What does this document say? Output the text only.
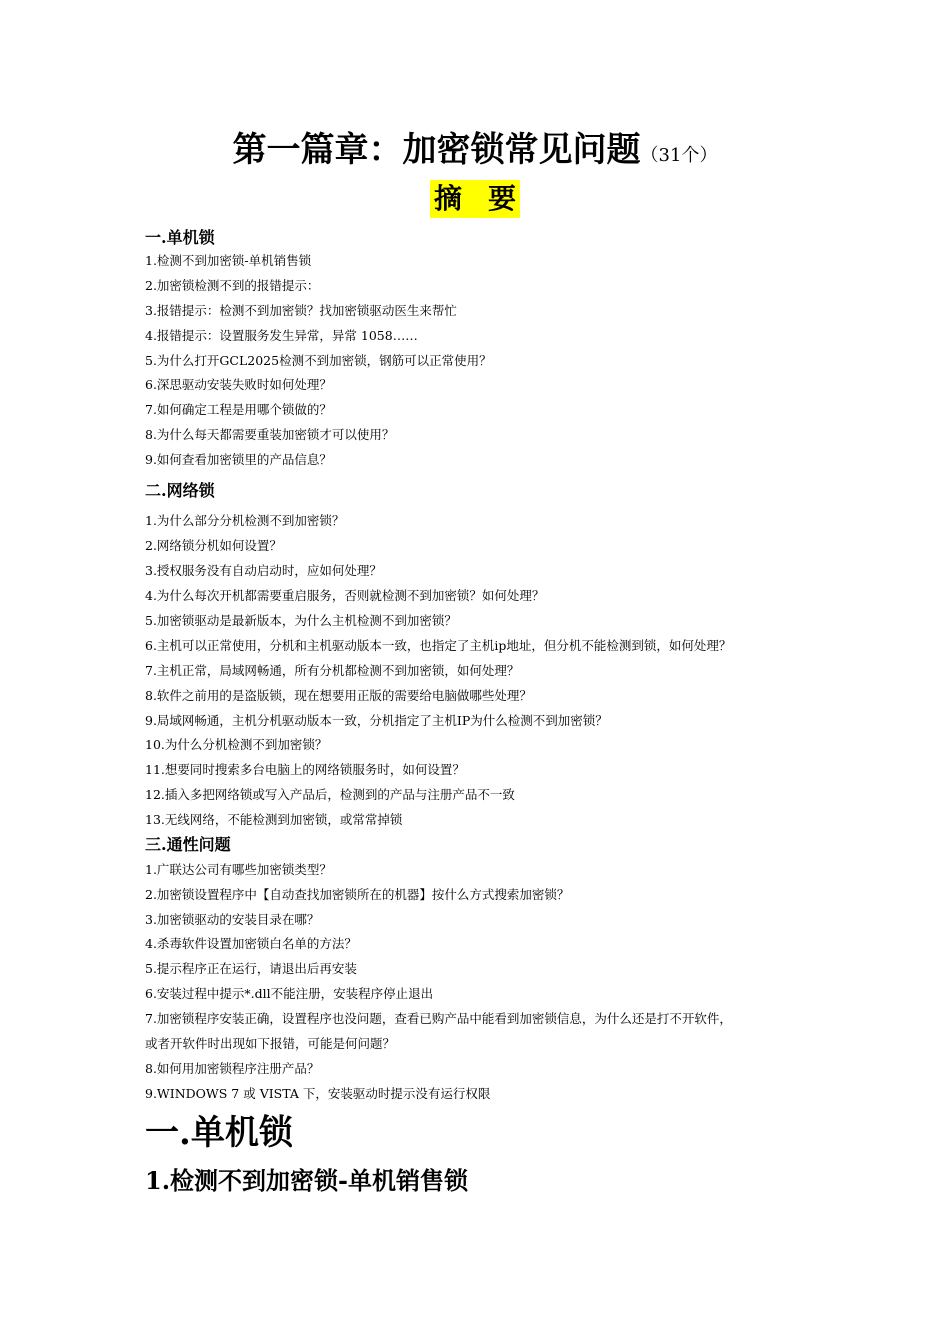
第一篇章：加密锁常见问题（31个）
摘要
一.单机锁
1.检测不到加密锁-单机销售锁
2.加密锁检测不到的报错提示：
3.报错提示：检测不到加密锁？找加密锁驱动医生来帮忙
4.报错提示：设置服务发生异常，异常 1058……
5.为什么打开GCL2025检测不到加密锁，钢筋可以正常使用？
6.深思驱动安装失败时如何处理？
7.如何确定工程是用哪个锁做的？
8.为什么每天都需要重装加密锁才可以使用？
9.如何查看加密锁里的产品信息？
二.网络锁
1.为什么部分分机检测不到加密锁？
2.网络锁分机如何设置？
3.授权服务没有自动启动时，应如何处理？
4.为什么每次开机都需要重启服务，否则就检测不到加密锁？如何处理？
5.加密锁驱动是最新版本，为什么主机检测不到加密锁？
6.主机可以正常使用，分机和主机驱动版本一致，也指定了主机ip地址，但分机不能检测到锁，如何处理？
7.主机正常，局域网畅通，所有分机都检测不到加密锁，如何处理？
8.软件之前用的是盗版锁，现在想要用正版的需要给电脑做哪些处理？
9.局域网畅通，主机分机驱动版本一致，分机指定了主机IP为什么检测不到加密锁？
10.为什么分机检测不到加密锁？
11.想要同时搜索多台电脑上的网络锁服务时，如何设置？
12.插入多把网络锁或写入产品后，检测到的产品与注册产品不一致
13.无线网络，不能检测到加密锁，或常常掉锁
三.通性问题
1.广联达公司有哪些加密锁类型？
2.加密锁设置程序中【自动查找加密锁所在的机器】按什么方式搜索加密锁？
3.加密锁驱动的安装目录在哪？
4.杀毒软件设置加密锁白名单的方法？
5.提示程序正在运行，请退出后再安装
6.安装过程中提示*.dll不能注册，安装程序停止退出
7.加密锁程序安装正确，设置程序也没问题，查看已购产品中能看到加密锁信息，为什么还是打不开软件，
或者开软件时出现如下报错，可能是何问题？
8.如何用加密锁程序注册产品？
9.WINDOWS 7 或 VISTA 下，安装驱动时提示没有运行权限
一.单机锁
1.检测不到加密锁-单机销售锁
